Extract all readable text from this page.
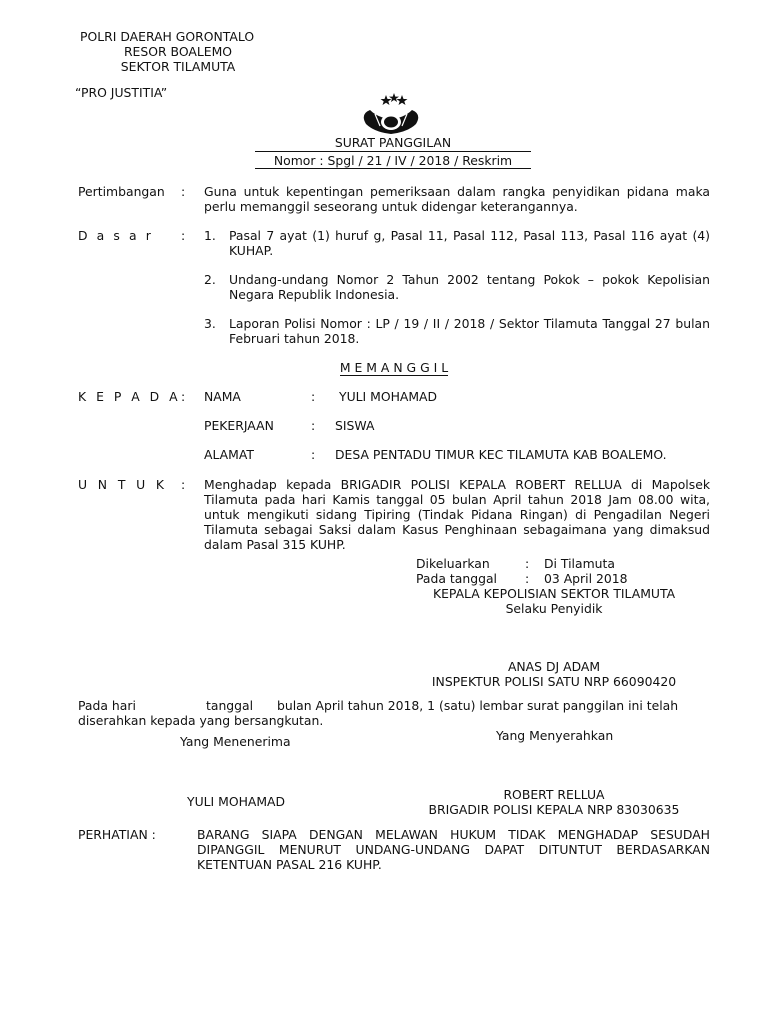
POLRI DAERAH GORONTALO
RESOR BOALEMO
SEKTOR TILAMUTA
“PRO JUSTITIA”
SURAT PANGGILAN
Nomor : Spgl / 21 / IV / 2018 / Reskrim
Pertimbangan : Guna untuk kepentingan pemeriksaan dalam rangka penyidikan pidana maka perlu memanggil seseorang untuk didengar keterangannya.
D a s a r : 1. Pasal 7 ayat (1) huruf g, Pasal 11, Pasal 112, Pasal 113, Pasal 116 ayat (4) KUHAP.
2. Undang-undang Nomor 2 Tahun 2002 tentang Pokok – pokok Kepolisian Negara Republik Indonesia.
3. Laporan Polisi Nomor : LP / 19 / II / 2018 / Sektor Tilamuta Tanggal 27 bulan Februari tahun 2018.
M E M A N G G I L
K E P A D A : NAMA	: YULI MOHAMAD
PEKERJAAN	: SISWA
ALAMAT	: DESA PENTADU TIMUR KEC TILAMUTA KAB BOALEMO.
U N T U K : Menghadap kepada BRIGADIR POLISI KEPALA ROBERT RELLUA di Mapolsek Tilamuta pada hari Kamis tanggal 05 bulan April tahun 2018 Jam 08.00 wita, untuk mengikuti sidang Tipiring (Tindak Pidana Ringan) di Pengadilan Negeri Tilamuta sebagai Saksi dalam Kasus Penghinaan sebagaimana yang dimaksud dalam Pasal 315 KUHP.
Dikeluarkan	: Di Tilamuta
Pada tanggal : 03 April 2018
KEPALA KEPOLISIAN SEKTOR TILAMUTA
Selaku Penyidik
ANAS DJ ADAM
INSPEKTUR POLISI SATU NRP 66090420
Pada hari	tanggal bulan April tahun 2018, 1 (satu) lembar surat panggilan ini telah
diserahkan kepada yang bersangkutan.
Yang Menenerima	Yang Menyerahkan
YULI MOHAMAD	ROBERT RELLUA
BRIGADIR POLISI KEPALA NRP 83030635
PERHATIAN :	BARANG SIAPA DENGAN MELAWAN HUKUM TIDAK MENGHADAP SESUDAH DIPANGGIL MENURUT UNDANG-UNDANG DAPAT DITUNTUT BERDASARKAN KETENTUAN PASAL 216 KUHP.
